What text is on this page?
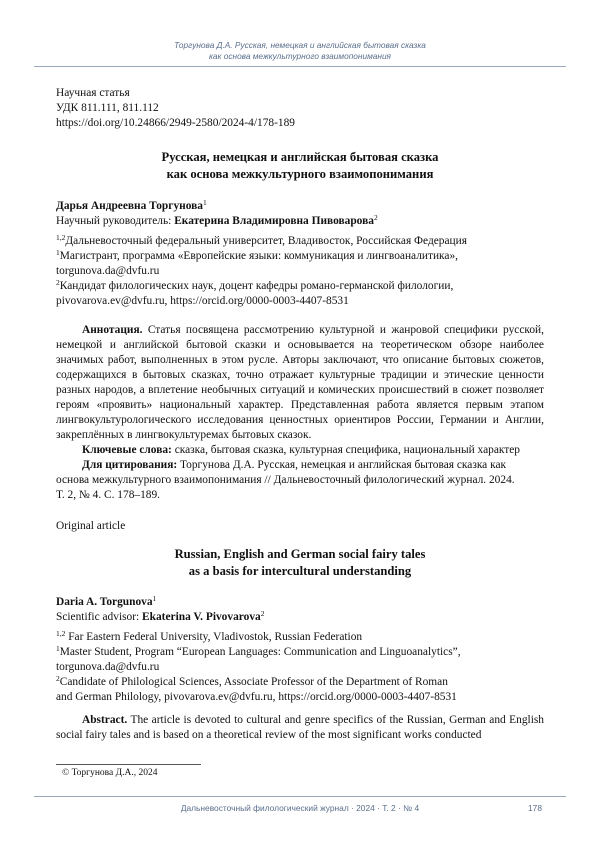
Торгунова Д.А. Русская, немецкая и английская бытовая сказка
как основа межкультурного взаимопонимания
Научная статья
УДК 811.111, 811.112
https://doi.org/10.24866/2949-2580/2024-4/178-189
Русская, немецкая и английская бытовая сказка
как основа межкультурного взаимопонимания
Дарья Андреевна Торгунова$^1$
Научный руководитель: Екатерина Владимировна Пивоварова$^2$
$^{1,2}$Дальневосточный федеральный университет, Владивосток, Российская Федерация
$^1$Магистрант, программа «Европейские языки: коммуникация и лингвоаналитика»,
torgunova.da@dvfu.ru
$^2$Кандидат филологических наук, доцент кафедры романо-германской филологии,
pivovarova.ev@dvfu.ru, https://orcid.org/0000-0003-4407-8531
Аннотация. Статья посвящена рассмотрению культурной и жанровой специфики русской, немецкой и английской бытовой сказки и основывается на теоретическом обзоре наиболее значимых работ, выполненных в этом русле. Авторы заключают, что описание бытовых сюжетов, содержащихся в бытовых сказках, точно отражает культурные традиции и этические ценности разных народов, а вплетение необычных ситуаций и комических происшествий в сюжет позволяет героям «проявить» национальный характер. Представленная работа является первым этапом лингвокультурологического исследования ценностных ориентиров России, Германии и Англии, закреплённых в лингвокультуремах бытовых сказок.
Ключевые слова: сказка, бытовая сказка, культурная специфика, национальный характер
Для цитирования: Торгунова Д.А. Русская, немецкая и английская бытовая сказка как
основа межкультурного взаимопонимания // Дальневосточный филологический журнал. 2024.
Т. 2, № 4. С. 178–189.
Original article
Russian, English and German social fairy tales
as a basis for intercultural understanding
Daria A. Torgunova$^1$
Scientific advisor: Ekaterina V. Pivovarova$^2$
$^{1,2}$ Far Eastern Federal University, Vladivostok, Russian Federation
$^1$Master Student, Program “European Languages: Communication and Linguoanalytics”,
torgunova.da@dvfu.ru
$^2$Candidate of Philological Sciences, Associate Professor of the Department of Roman
and German Philology, pivovarova.ev@dvfu.ru, https://orcid.org/0000-0003-4407-8531
Abstract. The article is devoted to cultural and genre specifics of the Russian, German and English social fairy tales and is based on a theoretical review of the most significant works conducted
© Торгунова Д.А., 2024
Дальневосточный филологический журнал · 2024 · Т. 2 · № 4	178
